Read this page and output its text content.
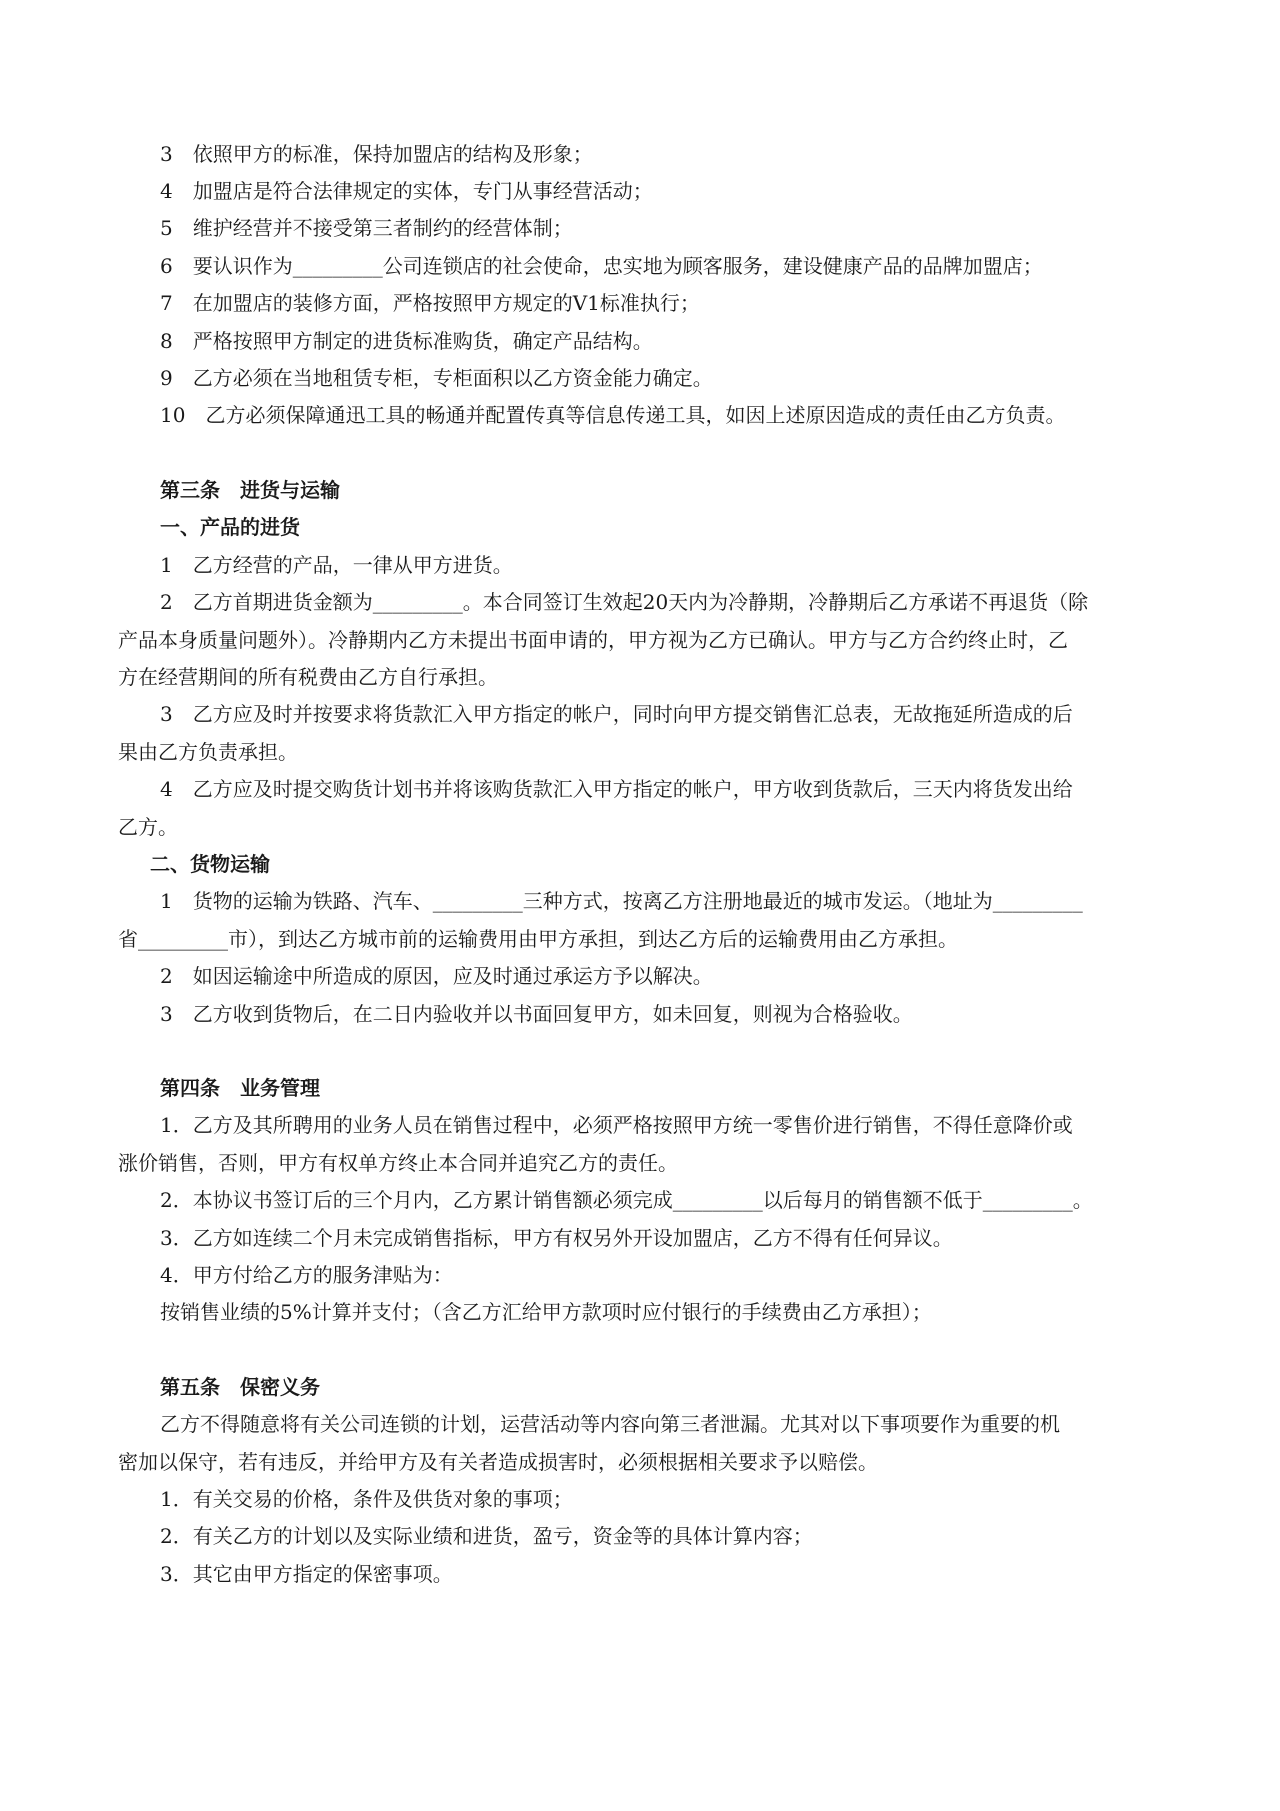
3　依照甲方的标准，保持加盟店的结构及形象；
4　加盟店是符合法律规定的实体，专门从事经营活动；
5　维护经营并不接受第三者制约的经营体制；
6　要认识作为_________公司连锁店的社会使命，忠实地为顾客服务，建设健康产品的品牌加盟店；
7　在加盟店的装修方面，严格按照甲方规定的V1标准执行；
8　严格按照甲方制定的进货标准购货，确定产品结构。
9　乙方必须在当地租赁专柜，专柜面积以乙方资金能力确定。
10　乙方必须保障通迅工具的畅通并配置传真等信息传递工具，如因上述原因造成的责任由乙方负责。
第三条　进货与运输
一、产品的进货
1　乙方经营的产品，一律从甲方进货。
2　乙方首期进货金额为_________。本合同签订生效起20天内为冷静期，冷静期后乙方承诺不再退货（除
产品本身质量问题外）。冷静期内乙方未提出书面申请的，甲方视为乙方已确认。甲方与乙方合约终止时，乙
方在经营期间的所有税费由乙方自行承担。
3　乙方应及时并按要求将货款汇入甲方指定的帐户，同时向甲方提交销售汇总表，无故拖延所造成的后
果由乙方负责承担。
4　乙方应及时提交购货计划书并将该购货款汇入甲方指定的帐户，甲方收到货款后，三天内将货发出给
乙方。
二、货物运输
1　货物的运输为铁路、汽车、_________三种方式，按离乙方注册地最近的城市发运。（地址为_________
省_________市），到达乙方城市前的运输费用由甲方承担，到达乙方后的运输费用由乙方承担。
2　如因运输途中所造成的原因，应及时通过承运方予以解决。
3　乙方收到货物后，在二日内验收并以书面回复甲方，如未回复，则视为合格验收。
第四条　业务管理
1．乙方及其所聘用的业务人员在销售过程中，必须严格按照甲方统一零售价进行销售，不得任意降价或
涨价销售，否则，甲方有权单方终止本合同并追究乙方的责任。
2．本协议书签订后的三个月内，乙方累计销售额必须完成_________以后每月的销售额不低于_________。
3．乙方如连续二个月未完成销售指标，甲方有权另外开设加盟店，乙方不得有任何异议。
4．甲方付给乙方的服务津贴为：
按销售业绩的5%计算并支付；（含乙方汇给甲方款项时应付银行的手续费由乙方承担）；
第五条　保密义务
乙方不得随意将有关公司连锁的计划，运营活动等内容向第三者泄漏。尤其对以下事项要作为重要的机
密加以保守，若有违反，并给甲方及有关者造成损害时，必须根据相关要求予以赔偿。
1．有关交易的价格，条件及供货对象的事项；
2．有关乙方的计划以及实际业绩和进货，盈亏，资金等的具体计算内容；
3．其它由甲方指定的保密事项。
